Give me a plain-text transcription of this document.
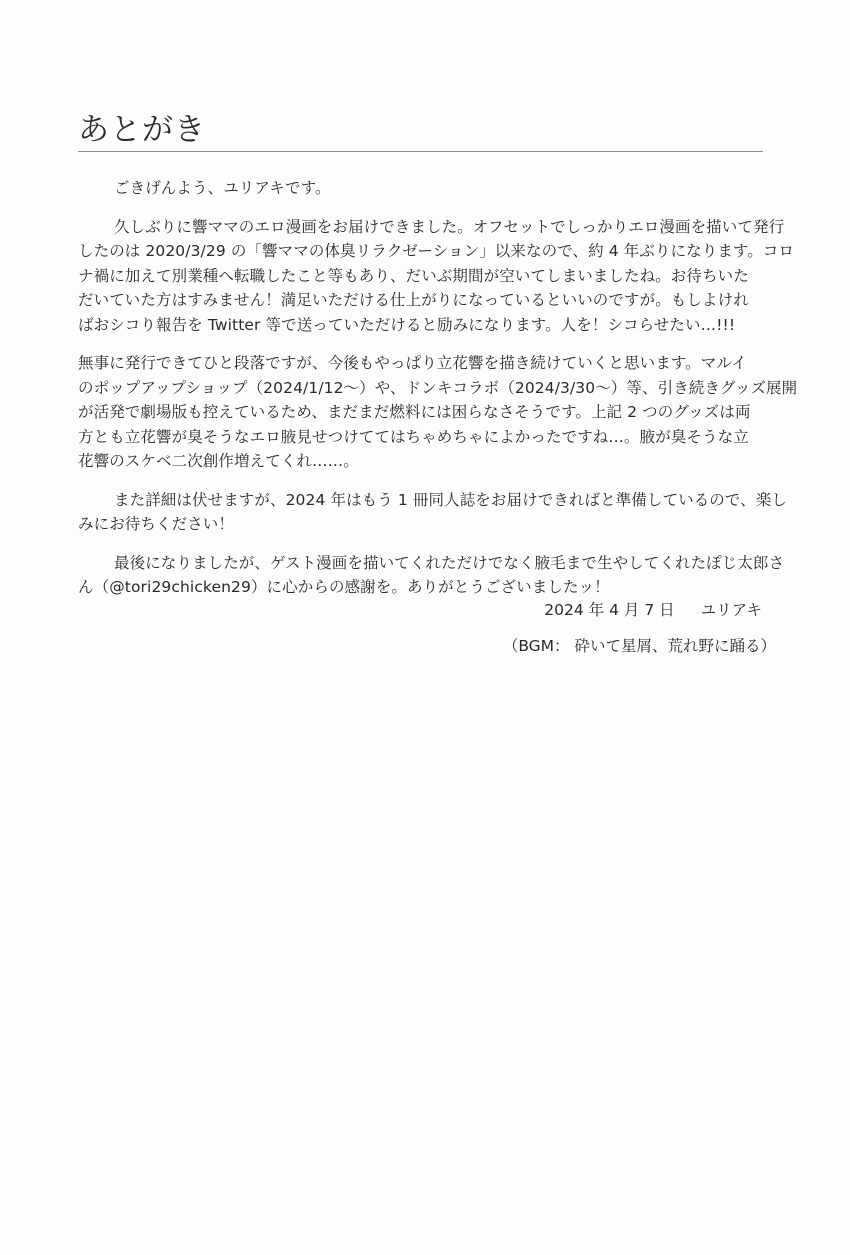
あとがき
ごきげんよう、ユリアキです。
久しぶりに響ママのエロ漫画をお届けできました。オフセットでしっかりエロ漫画を描いて発行
したのは 2020/3/29 の「響ママの体臭リラクゼーション」以来なので、約 4 年ぶりになります。コロ
ナ禍に加えて別業種へ転職したこと等もあり、だいぶ期間が空いてしまいましたね。お待ちいた
だいていた方はすみません！満足いただける仕上がりになっているといいのですが。もしよけれ
ばおシコり報告を Twitter 等で送っていただけると励みになります。人を！シコらせたい…!!!
無事に発行できてひと段落ですが、今後もやっぱり立花響を描き続けていくと思います。マルイ
のポップアップショップ（2024/1/12〜）や、ドンキコラボ（2024/3/30〜）等、引き続きグッズ展開
が活発で劇場版も控えているため、まだまだ燃料には困らなさそうです。上記 2 つのグッズは両
方とも立花響が臭そうなエロ腋見せつけててはちゃめちゃによかったですね…。腋が臭そうな立
花響のスケベ二次創作増えてくれ……。
また詳細は伏せますが、2024 年はもう 1 冊同人誌をお届けできればと準備しているので、楽し
みにお待ちください！
最後になりましたが、ゲスト漫画を描いてくれただけでなく腋毛まで生やしてくれたぽじ太郎さ
ん（@tori29chicken29）に心からの感謝を。ありがとうございましたッ！
2024 年 4 月 7 日 ユリアキ
（BGM： 砕いて星屑、荒れ野に踊る）
